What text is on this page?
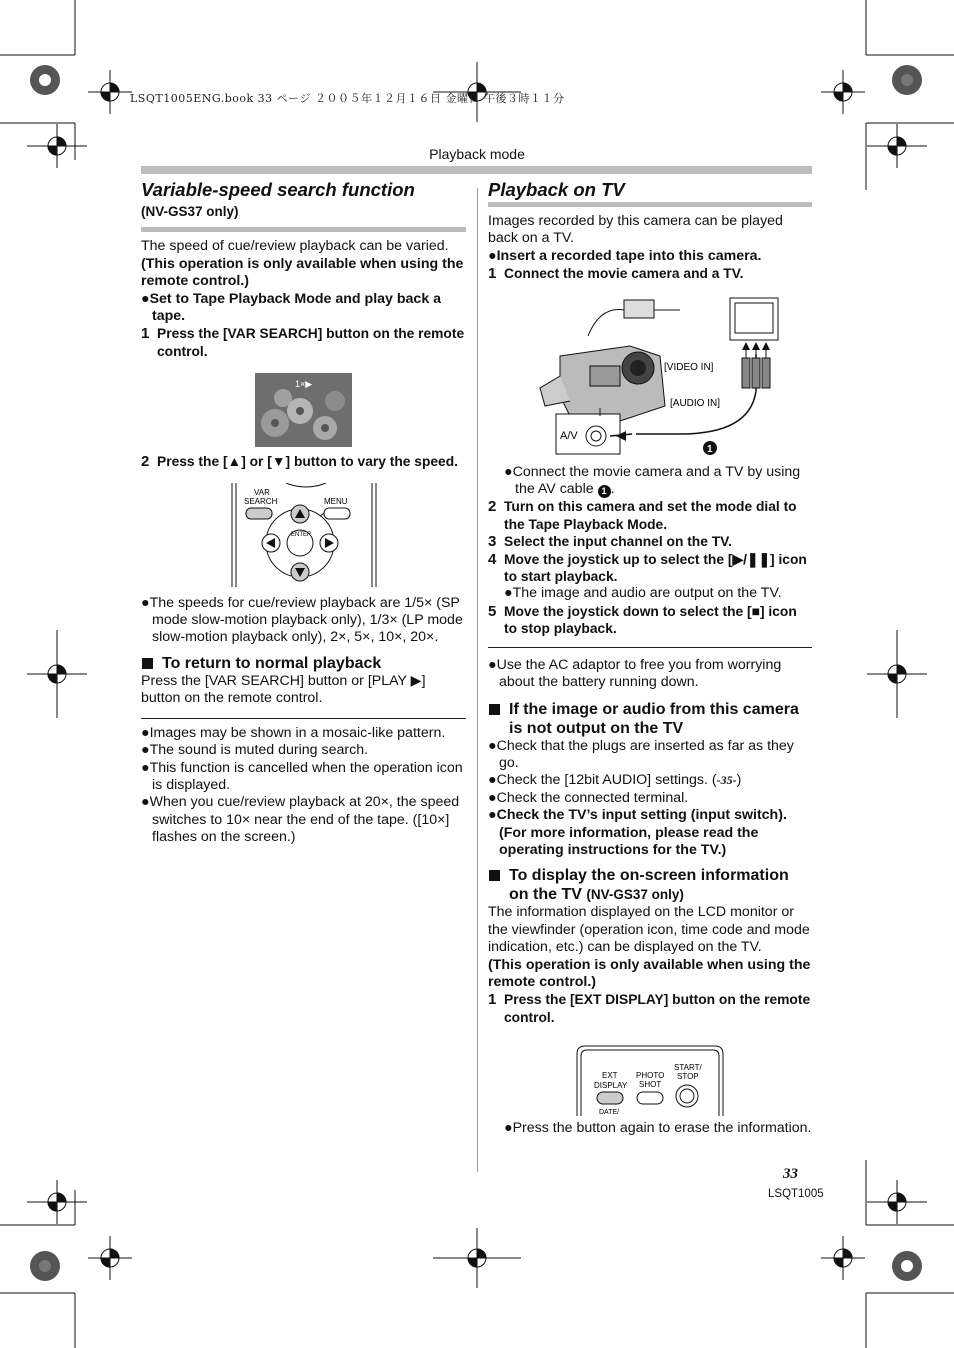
LSQT1005ENG.book 33 ページ ２００５年１２月１６日 金曜日 午後３時１１分
Playback mode
Variable-speed search function
(NV-GS37 only)

The speed of cue/review playback can be varied.

(This operation is only available when using the remote control.)

●Set to Tape Playback Mode and play back a tape.

1 Press the [VAR SEARCH] button on the remote control.
1×▶
2 Press the [▲] or [▼] button to vary the speed.
VAR
SEARCH	MENU
ENTER

●The speeds for cue/review playback are 1/5× (SP mode slow-motion playback only), 1/3× (LP mode slow-motion playback only), 2×, 5×, 10×, 20×.

To return to normal playback

Press the [VAR SEARCH] button or [PLAY ▶] button on the remote control.

●Images may be shown in a mosaic-like pattern.

●The sound is muted during search.

●This function is cancelled when the operation icon is displayed.

●When you cue/review playback at 20×, the speed switches to 10× near the end of the tape. ([10×] flashes on the screen.)

Playback on TV

Images recorded by this camera can be played back on a TV.

●Insert a recorded tape into this camera.

1 Connect the movie camera and a TV.
A/V
[VIDEO IN]
[AUDIO IN]
1

●Connect the movie camera and a TV by using the AV cable 1 .

2 Turn on this camera and set the mode dial to the Tape Playback Mode.
3 Select the input channel on the TV.
4 Move the joystick up to select the [▶/❚❚] icon to start playback.

●The image and audio are output on the TV.

5 Move the joystick down to select the [■] icon to stop playback.

●Use the AC adaptor to free you from worrying about the battery running down.

If the image or audio from this camera is not output on the TV

●Check that the plugs are inserted as far as they go.

●Check the [12bit AUDIO] settings. (-35-)

●Check the connected terminal.

●Check the TV’s input setting (input switch). (For more information, please read the operating instructions for the TV.)

To display the on-screen information on the TV (NV-GS37 only)

The information displayed on the LCD monitor or the viewfinder (operation icon, time code and mode indication, etc.) can be displayed on the TV.

(This operation is only available when using the remote control.)

1 Press the [EXT DISPLAY] button on the remote control.
EXT
DISPLAY
DATE/
PHOTO
SHOT
START/
STOP

●Press the button again to erase the information.

33
LSQT1005
